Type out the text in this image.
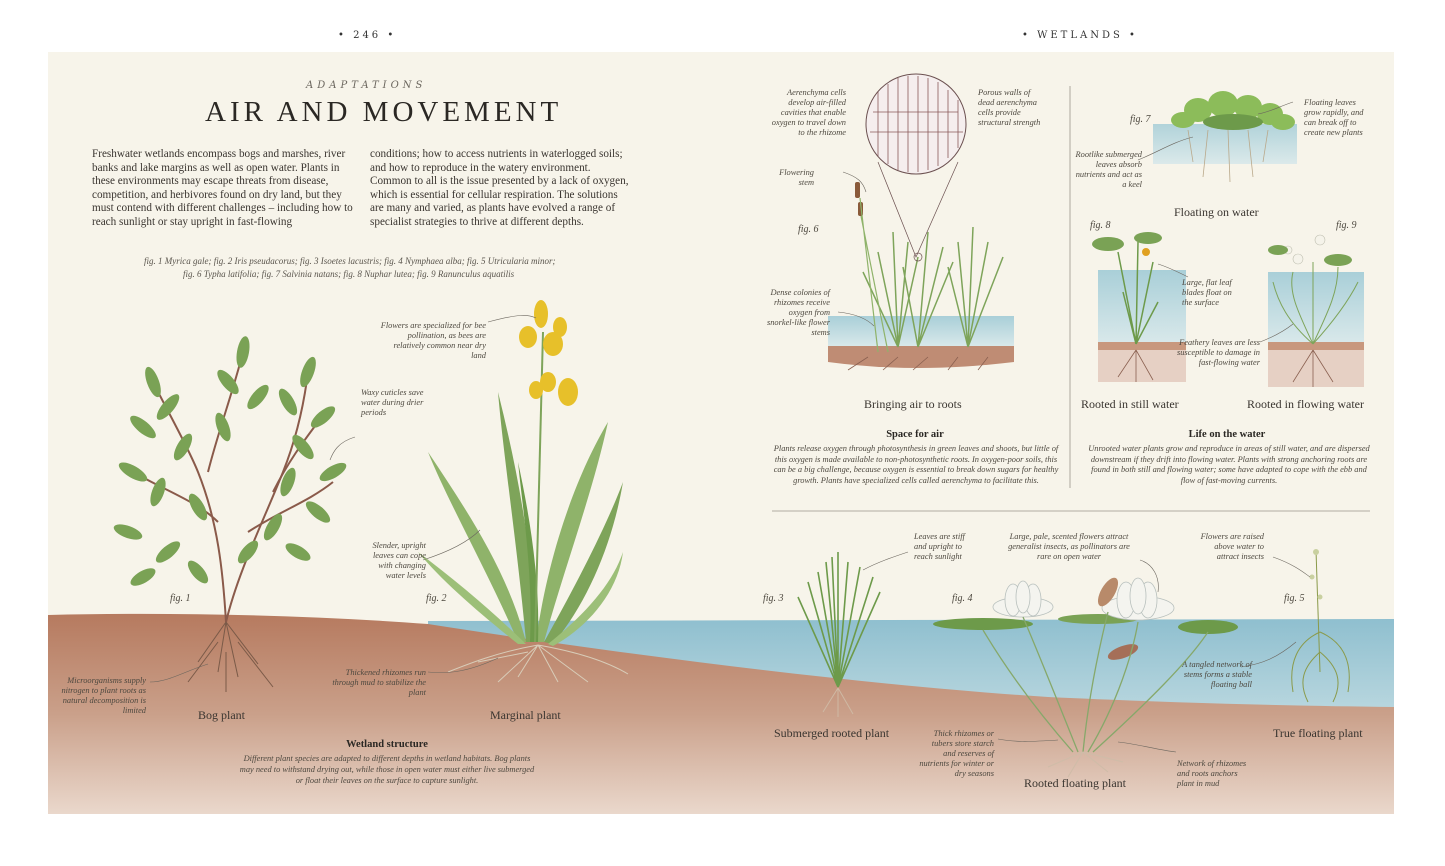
• 246 •	• WETLANDS •
ADAPTATIONS
AIR AND MOVEMENT
Freshwater wetlands encompass bogs and marshes, river banks and lake margins as well as open water. Plants in these environments may escape threats from disease, competition, and herbivores found on dry land, but they must contend with different challenges – including how to reach sunlight or stay upright in fast-flowing
conditions; how to access nutrients in waterlogged soils; and how to reproduce in the watery environment. Common to all is the issue presented by a lack of oxygen, which is essential for cellular respiration. The solutions are many and varied, as plants have evolved a range of specialist strategies to thrive at different depths.
fig. 1 Myrica gale; fig. 2 Iris pseudacorus; fig. 3 Isoetes lacustris; fig. 4 Nymphaea alba; fig. 5 Utricularia minor;
fig. 6 Typha latifolia; fig. 7 Salvinia natans; fig. 8 Nuphar lutea; fig. 9 Ranunculus aquatilis
fig. 1	fig. 2	fig. 3	fig. 4	fig. 5
fig. 6
fig. 7
fig. 8	fig. 9
Bog plant	Marginal plant
Submerged rooted plant
Rooted floating plant
True floating plant
Bringing air to roots
Floating on water
Rooted in still water	Rooted in flowing water
Aerenchyma cells develop air-filled cavities that enable oxygen to travel down to the rhizome
Porous walls of dead aerenchyma cells provide structural strength
Flowering stem
Dense colonies of rhizomes receive oxygen from snorkel-like flower stems
Floating leaves grow rapidly, and can break off to create new plants
Rootlike submerged leaves absorb nutrients and act as a keel
Large, flat leaf blades float on the surface
Feathery leaves are less susceptible to damage in fast-flowing water
Flowers are specialized for bee pollination, as bees are relatively common near dry land
Waxy cuticles save water during drier periods
Slender, upright leaves can cope with changing water levels
Microorganisms supply nitrogen to plant roots as natural decomposition is limited
Thickened rhizomes run through mud to stabilize the plant
Leaves are stiff and upright to reach sunlight
Large, pale, scented flowers attract generalist insects, as pollinators are rare on open water
Flowers are raised above water to attract insects
A tangled network of stems forms a stable floating ball
Thick rhizomes or tubers store starch and reserves of nutrients for winter or dry seasons
Network of rhizomes and roots anchors plant in mud
Space for air
Plants release oxygen through photosynthesis in green leaves and shoots, but little of this oxygen is made available to non-photosynthetic roots. In oxygen-poor soils, this can be a big challenge, because oxygen is essential to break down sugars for healthy growth. Plants have specialized cells called aerenchyma to facilitate this.
Life on the water
Unrooted water plants grow and reproduce in areas of still water, and are dispersed downstream if they drift into flowing water. Plants with strong anchoring roots are found in both still and flowing water; some have adapted to cope with the ebb and flow of fast-moving currents.
Wetland structure
Different plant species are adapted to different depths in wetland habitats. Bog plants may need to withstand drying out, while those in open water must either live submerged or float their leaves on the surface to capture sunlight.
